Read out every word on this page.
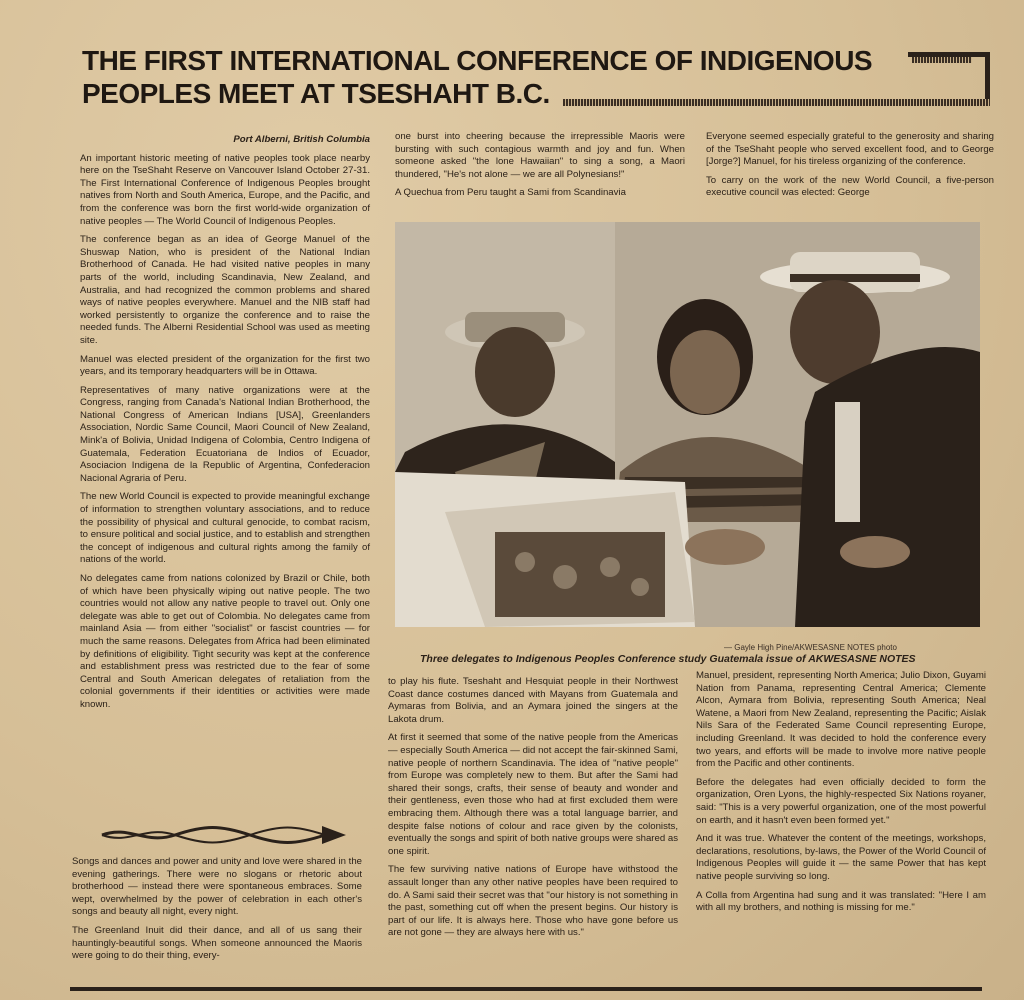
THE FIRST INTERNATIONAL CONFERENCE OF INDIGENOUS PEOPLES MEET AT TSESHAHT B.C.
Port Alberni, British Columbia

An important historic meeting of native peoples took place nearby here on the TseShaht Reserve on Vancouver Island October 27-31. The First International Conference of Indigenous Peoples brought natives from North and South America, Europe, and the Pacific, and from the conference was born the first world-wide organization of native peoples — The World Council of Indigenous Peoples.

The conference began as an idea of George Manuel of the Shuswap Nation, who is president of the National Indian Brotherhood of Canada. He had visited native peoples in many parts of the world, including Scandinavia, New Zealand, and Australia, and had recognized the common problems and shared ways of native peoples everywhere. Manuel and the NIB staff had worked persistently to organize the conference and to raise the needed funds. The Alberni Residential School was used as meeting site.

Manuel was elected president of the organization for the first two years, and its temporary headquarters will be in Ottawa.

Representatives of many native organizations were at the Congress, ranging from Canada's National Indian Brotherhood, the National Congress of American Indians [USA], Greenlanders Association, Nordic Same Council, Maori Council of New Zealand, Mink'a of Bolivia, Unidad Indigena of Colombia, Centro Indigena of Guatemala, Federation Ecuatoriana de Indios of Ecuador, Asociacion Indigena de la Republic of Argentina, Confederacion Nacional Agraria of Peru.

The new World Council is expected to provide meaningful exchange of information to strengthen voluntary associations, and to reduce the possibility of physical and cultural genocide, to combat racism, to ensure political and social justice, and to establish and strengthen the concept of indigenous and cultural rights among the family of nations of the world.

No delegates came from nations colonized by Brazil or Chile, both of which have been physically wiping out native people. The two countries would not allow any native people to travel out. Only one delegate was able to get out of Colombia. No delegates came from mainland Asia — from either "socialist" or fascist countries — for much the same reasons. Delegates from Africa had been eliminated by definitions of eligibility. Tight security was kept at the conference and establishment press was restricted due to the fear of some Central and South American delegates of retaliation from the colonial governments if their identities or activities were made known.

Songs and dances and power and unity and love were shared in the evening gatherings. There were no slogans or rhetoric about brotherhood — instead there were spontaneous embraces. Some wept, overwhelmed by the power of celebration in each other's songs and beauty all night, every night.

The Greenland Inuit did their dance, and all of us sang their hauntingly-beautiful songs. When someone announced the Maoris were going to do their thing, every-

one burst into cheering because the irrepressible Maoris were bursting with such contagious warmth and joy and fun. When someone asked "the lone Hawaiian" to sing a song, a Maori thundered, "He's not alone — we are all Polynesians!"

A Quechua from Peru taught a Sami from Scandinavia

Everyone seemed especially grateful to the generosity and sharing of the TseShaht people who served excellent food, and to George [Jorge?] Manuel, for his tireless organizing of the conference.

To carry on the work of the new World Council, a five-person executive council was elected: George

— Gayle High Pine/AKWESASNE NOTES photo
Three delegates to Indigenous Peoples Conference study Guatemala issue of AKWESASNE NOTES

to play his flute. Tseshaht and Hesquiat people in their Northwest Coast dance costumes danced with Mayans from Guatemala and Aymaras from Bolivia, and an Aymara joined the singers at the Lakota drum.

At first it seemed that some of the native people from the Americas — especially South America — did not accept the fair-skinned Sami, native people of northern Scandinavia. The idea of "native people" from Europe was completely new to them. But after the Sami had shared their songs, crafts, their sense of beauty and wonder and their gentleness, even those who had at first excluded them were embracing them. Although there was a total language barrier, and despite false notions of colour and race given by the colonists, eventually the songs and spirit of both native groups were shared as one spirit.

The few surviving native nations of Europe have withstood the assault longer than any other native peoples have been required to do. A Sami said their secret was that "our history is not something in the past, something cut off when the present begins. Our history is part of our life. It is always here. Those who have gone before us are not gone — they are always here with us."

Manuel, president, representing North America; Julio Dixon, Guyami Nation from Panama, representing Central America; Clemente Alcon, Aymara from Bolivia, representing South America; Neal Watene, a Maori from New Zealand, representing the Pacific; Aislak Nils Sara of the Federated Same Council representing Europe, including Greenland. It was decided to hold the conference every two years, and efforts will be made to involve more native people from the Pacific and other continents.

Before the delegates had even officially decided to form the organization, Oren Lyons, the highly-respected Six Nations royaner, said: "This is a very powerful organization, one of the most powerful on earth, and it hasn't even been formed yet."

And it was true. Whatever the content of the meetings, workshops, declarations, resolutions, by-laws, the Power of the World Council of Indigenous Peoples will guide it — the same Power that has kept native people surviving so long.

A Colla from Argentina had sung and it was translated: "Here I am with all my brothers, and nothing is missing for me."
